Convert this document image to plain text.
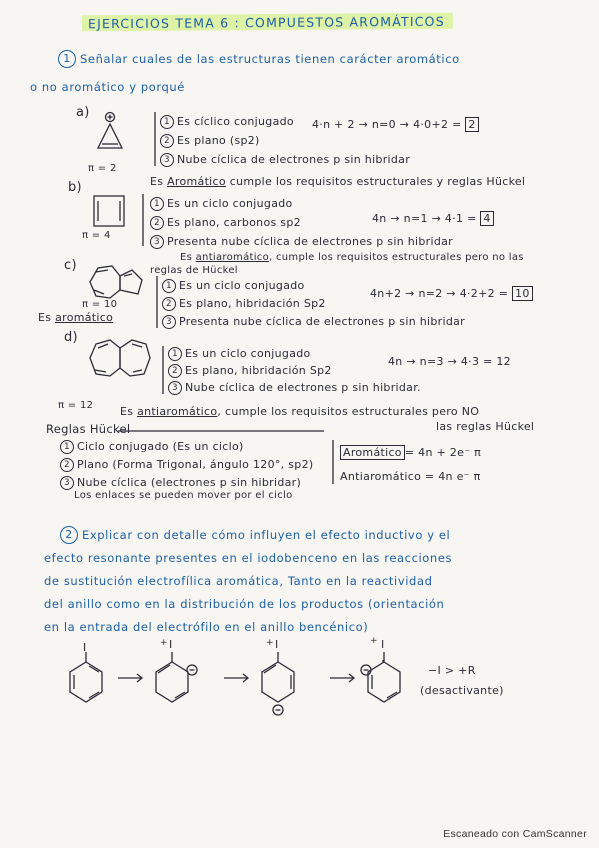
EJERCICIOS TEMA 6 : COMPUESTOS AROMÁTICOS
1 Señalar cuales de las estructuras tienen carácter aromático
o no aromático y porqué
a)
π = 2
1 Es cíclico conjugado
2 Es plano (sp2)
3 Nube cíclica de electrones p sin hibridar
4·n + 2 → n=0 → 4·0+2 = 2
Es Aromático cumple los requisitos estructurales y reglas Hückel
b)
π = 4
1 Es un ciclo conjugado
2 Es plano, carbonos sp2
3 Presenta nube cíclica de electrones p sin hibridar
4n → n=1 → 4·1 = 4
Es antiaromático, cumple los requisitos estructurales pero no las
reglas de Hückel
c)
π = 10
Es aromático
1 Es un ciclo conjugado
2 Es plano, hibridación Sp2
3 Presenta nube cíclica de electrones p sin hibridar
4n+2 → n=2 → 4·2+2 = 10
d)
π = 12
1 Es un ciclo conjugado
2 Es plano, hibridación Sp2
3 Nube cíclica de electrones p sin hibridar.
4n → n=3 → 4·3 = 12
Es antiaromático, cumple los requisitos estructurales pero NO
las reglas Hückel
Reglas Hückel
1 Ciclo conjugado (Es un ciclo)
2 Plano (Forma Trigonal, ángulo 120°, sp2)
3 Nube cíclica (electrones p sin hibridar)
Los enlaces se pueden mover por el ciclo
Aromático = 4n + 2e⁻ π
Antiaromático = 4n e⁻ π
2 Explicar con detalle cómo influyen el efecto inductivo y el
efecto resonante presentes en el iodobenceno en las reacciones
de sustitución electrofílica aromática, Tanto en la reactividad
del anillo como en la distribución de los productos (orientación
en la entrada del electrófilo en el anillo bencénico)
I	I
+	I
+	I
+
−I > +R
(desactivante)
Escaneado con CamScanner
